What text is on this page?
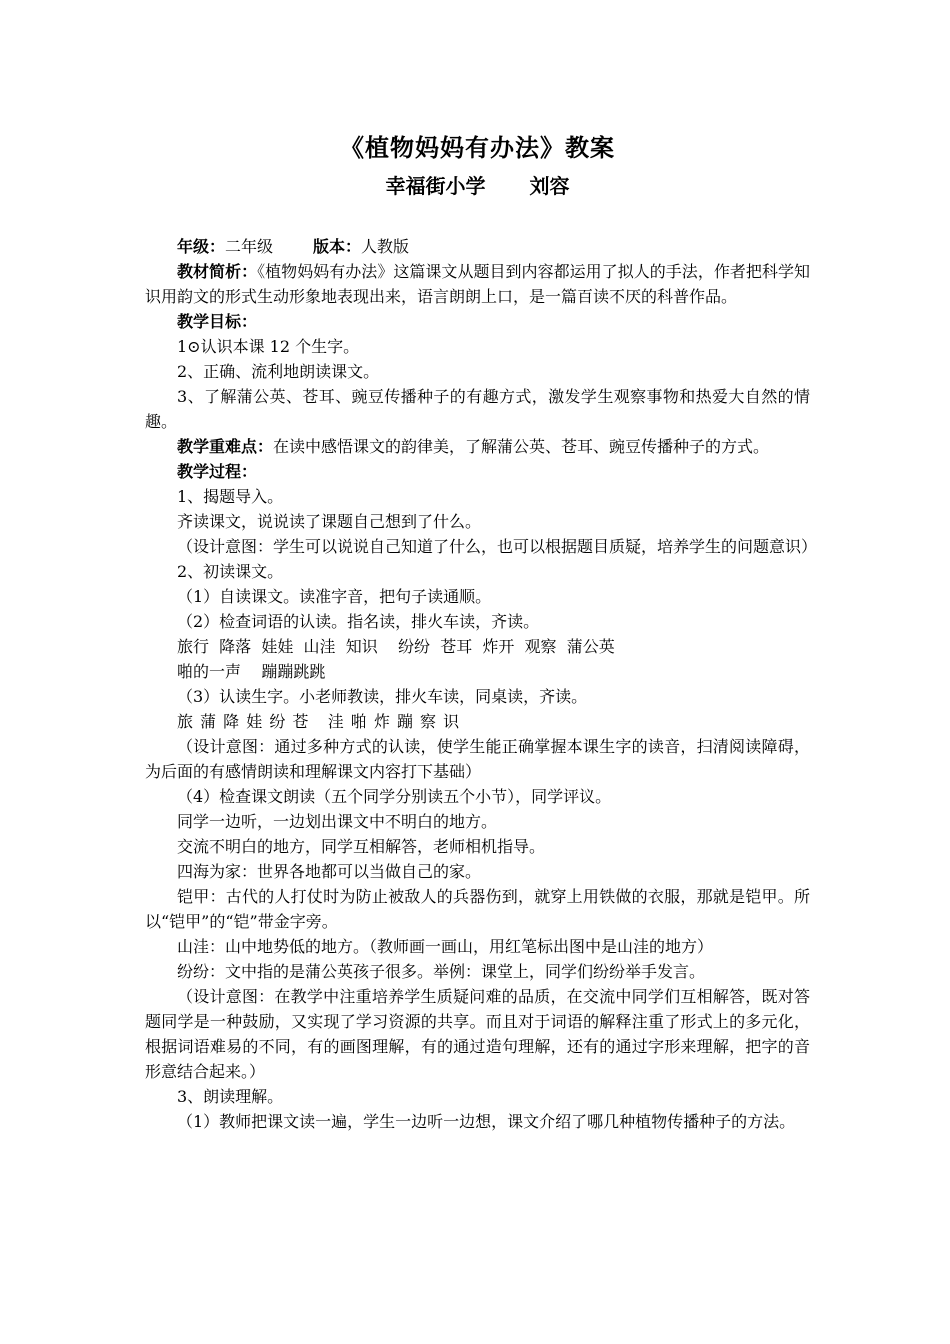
《植物妈妈有办法》教案

幸福街小学 刘容

年级：二年级	版本：人教版

教材简析：《植物妈妈有办法》这篇课文从题目到内容都运用了拟人的手法，作者把科学知识用韵文的形式生动形象地表现出来，语言朗朗上口，是一篇百读不厌的科普作品。

教学目标：

1⊙认识本课 12 个生字。

2、正确、流利地朗读课文。

3、了解蒲公英、苍耳、豌豆传播种子的有趣方式，激发学生观察事物和热爱大自然的情趣。

教学重难点：在读中感悟课文的韵律美，了解蒲公英、苍耳、豌豆传播种子的方式。

教学过程：

1、揭题导入。

齐读课文，说说读了课题自己想到了什么。

（设计意图：学生可以说说自己知道了什么，也可以根据题目质疑，培养学生的问题意识）

2、初读课文。

（1）自读课文。读准字音，把句子读通顺。

（2）检查词语的认读。指名读，排火车读，齐读。

旅行  降落  娃娃  山洼  知识    纷纷  苍耳  炸开  观察  蒲公英

啪的一声    蹦蹦跳跳

（3）认读生字。小老师教读，排火车读，同桌读，齐读。

旅 蒲 降 娃 纷 苍   洼 啪 炸 蹦 察 识

（设计意图：通过多种方式的认读，使学生能正确掌握本课生字的读音，扫清阅读障碍，为后面的有感情朗读和理解课文内容打下基础）

（4）检查课文朗读（五个同学分别读五个小节），同学评议。

同学一边听，一边划出课文中不明白的地方。

交流不明白的地方，同学互相解答，老师相机指导。

四海为家：世界各地都可以当做自己的家。

铠甲：古代的人打仗时为防止被敌人的兵器伤到，就穿上用铁做的衣服，那就是铠甲。所以“铠甲”的“铠”带金字旁。

山洼：山中地势低的地方。（教师画一画山，用红笔标出图中是山洼的地方）

纷纷：文中指的是蒲公英孩子很多。举例：课堂上，同学们纷纷举手发言。

（设计意图：在教学中注重培养学生质疑问难的品质，在交流中同学们互相解答，既对答题同学是一种鼓励，又实现了学习资源的共享。而且对于词语的解释注重了形式上的多元化，根据词语难易的不同，有的画图理解，有的通过造句理解，还有的通过字形来理解，把字的音形意结合起来。）

3、朗读理解。

（1）教师把课文读一遍，学生一边听一边想，课文介绍了哪几种植物传播种子的方法。
